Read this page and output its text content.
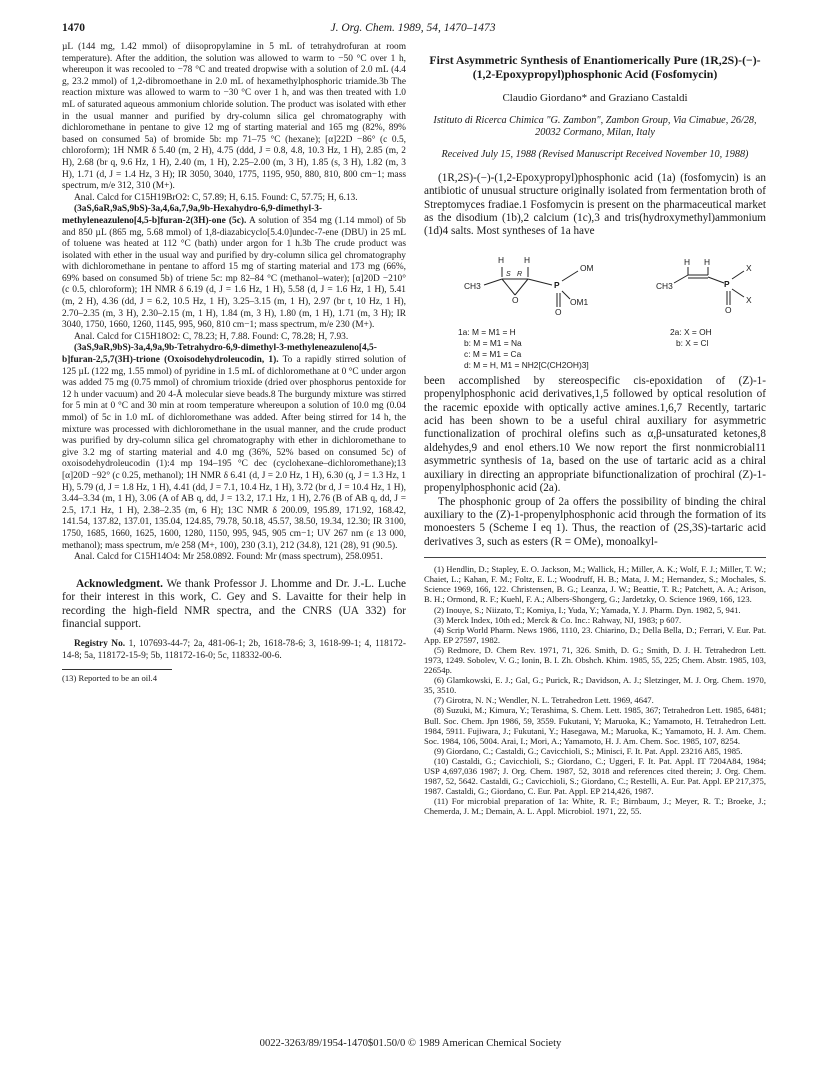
1470	J. Org. Chem. 1989, 54, 1470–1473

µL (144 mg, 1.42 mmol) of diisopropylamine in 5 mL of tetrahydrofuran at room temperature). After the addition, the solution was allowed to warm to −50 °C over 1 h, whereupon it was recooled to −78 °C and treated dropwise with a solution of 2.0 mL (4.4 g, 23.2 mmol) of 1,2-dibromoethane in 2.0 mL of hexamethylphosphoric triamide.3b The reaction mixture was allowed to warm to −30 °C over 1 h, and was then treated with 1.0 mL of saturated aqueous ammonium chloride solution. The product was isolated with ether in the usual manner and purified by dry-column silica gel chromatography with dichloromethane in pentane to give 12 mg of starting material and 165 mg (82%, 89% based on consumed 5a) of bromide 5b: mp 71–75 °C (hexane); [α]22D −86° (c 0.5, chloroform); 1H NMR δ 5.40 (m, 2 H), 4.75 (ddd, J = 0.8, 4.8, 10.3 Hz, 1 H), 2.85 (m, 2 H), 2.68 (br q, 9.6 Hz, 1 H), 2.40 (m, 1 H), 2.25–2.00 (m, 3 H), 1.85 (s, 3 H), 1.82 (m, 3 H), 1.71 (d, J = 1.4 Hz, 3 H); IR 3050, 3040, 1775, 1195, 950, 880, 810, 800 cm−1; mass spectrum, m/e 312, 310 (M+).

Anal. Calcd for C15H19BrO2: C, 57.89; H, 6.15. Found: C, 57.75; H, 6.13.

(3aS,6aR,9aS,9bS)-3a,4,6a,7,9a,9b-Hexahydro-6,9-dimethyl-3-methyleneazuleno[4,5-b]furan-2(3H)-one (5c). A solution of 354 mg (1.14 mmol) of 5b and 850 µL (865 mg, 5.68 mmol) of 1,8-diazabicyclo[5.4.0]undec-7-ene (DBU) in 25 mL of toluene was heated at 112 °C (bath) under argon for 1 h.3b The crude product was isolated with ether in the usual way and purified by dry-column silica gel chromatography with dichloromethane in pentane to afford 15 mg of starting material and 173 mg (66%, 69% based on consumed 5b) of triene 5c: mp 82–84 °C (methanol–water); [α]20D −210° (c 0.5, chloroform); 1H NMR δ 6.19 (d, J = 1.6 Hz, 1 H), 5.58 (d, J = 1.6 Hz, 1 H), 5.41 (m, 2 H), 4.36 (dd, J = 6.2, 10.5 Hz, 1 H), 3.25–3.15 (m, 1 H), 2.97 (br t, 10 Hz, 1 H), 2.70–2.35 (m, 3 H), 2.30–2.15 (m, 1 H), 1.84 (m, 3 H), 1.80 (m, 1 H), 1.71 (m, 3 H); IR 3040, 1750, 1660, 1260, 1145, 995, 960, 810 cm−1; mass spectrum, m/e 230 (M+).

Anal. Calcd for C15H18O2: C, 78.23; H, 7.88. Found: C, 78.28; H, 7.93.

(3aS,9aR,9bS)-3a,4,9a,9b-Tetrahydro-6,9-dimethyl-3-methyleneazuleno[4,5-b]furan-2,5,7(3H)-trione (Oxoisodehydroleucodin, 1). To a rapidly stirred solution of 125 µL (122 mg, 1.55 mmol) of pyridine in 1.5 mL of dichloromethane at 0 °C under argon was added 75 mg (0.75 mmol) of chromium trioxide (dried over phosphorus pentoxide for 12 h under vacuum) and 20 4-Å molecular sieve beads.8 The burgundy mixture was stirred for 5 min at 0 °C and 30 min at room temperature whereupon a solution of 10.0 mg (0.04 mmol) of 5c in 1.0 mL of dichloromethane was added. After being stirred for 14 h, the mixture was processed with dichloromethane in the usual manner, and the crude product was purified by dry-column silica gel chromatography with ether in dichloromethane to give 3.2 mg of starting material and 4.0 mg (36%, 52% based on consumed 5c) of oxoisodehydroleucodin (1):4 mp 194–195 °C dec (cyclohexane–dichloromethane);13 [α]20D −92° (c 0.25, methanol); 1H NMR δ 6.41 (d, J = 2.0 Hz, 1 H), 6.30 (q, J = 1.3 Hz, 1 H), 5.79 (d, J = 1.8 Hz, 1 H), 4.41 (dd, J = 7.1, 10.4 Hz, 1 H), 3.72 (br d, J = 10.4 Hz, 1 H), 3.44–3.34 (m, 1 H), 3.06 (A of AB q, dd, J = 13.2, 17.1 Hz, 1 H), 2.76 (B of AB q, dd, J = 2.5, 17.1 Hz, 1 H), 2.38–2.35 (m, 6 H); 13C NMR δ 200.09, 195.89, 171.92, 168.42, 141.54, 137.82, 137.01, 135.04, 124.85, 79.78, 50.18, 45.57, 38.50, 19.34, 12.30; IR 3100, 1750, 1685, 1660, 1625, 1600, 1280, 1150, 995, 945, 905 cm−1; UV 267 nm (ε 13 000, methanol); mass spectrum, m/e 258 (M+, 100), 230 (3.1), 212 (34.8), 121 (28), 91 (90.5).

Anal. Calcd for C15H14O4: Mr 258.0892. Found: Mr (mass spectrum), 258.0951.

Acknowledgment. We thank Professor J. Lhomme and Dr. J.-L. Luche for their interest in this work, C. Gey and S. Lavaitte for their help in recording the high-field NMR spectra, and the CNRS (UA 332) for financial support.

Registry No. 1, 107693-44-7; 2a, 481-06-1; 2b, 1618-78-6; 3, 1618-99-1; 4, 118172-14-8; 5a, 118172-15-9; 5b, 118172-16-0; 5c, 118332-00-6.

(13) Reported to be an oil.4

First Asymmetric Synthesis of Enantiomerically Pure (1R,2S)-(−)-(1,2-Epoxypropyl)phosphonic Acid (Fosfomycin)

Claudio Giordano* and Graziano Castaldi

Istituto di Ricerca Chimica "G. Zambon", Zambon Group, Via Cimabue, 26/28, 20032 Cormano, Milan, Italy

Received July 15, 1988 (Revised Manuscript Received November 10, 1988)

(1R,2S)-(−)-(1,2-Epoxypropyl)phosphonic acid (1a) (fosfomycin) is an antibiotic of unusual structure originally isolated from fermentation broth of Streptomyces fradiae.1 Fosfomycin is present on the pharmaceutical market as the disodium (1b),2 calcium (1c),3 and tris(hydroxymethyl)ammonium (1d)4 salts. Most syntheses of 1a have

H H
S R
CH3
O
P
OM
OM1
O
H H
CH3	P
X
X
O
1a: M = M1 = H
b: M = M1 = Na
c: M = M1 = Ca
d: M = H, M1 = NH2[C(CH2OH)3]
2a: X = OH
b: X = Cl

been accomplished by stereospecific cis-epoxidation of (Z)-1-propenylphosphonic acid derivatives,1,5 followed by optical resolution of the racemic epoxide with optically active amines.1,6,7 Recently, tartaric acid has been shown to be a useful chiral auxiliary for asymmetric functionalization of prochiral olefins such as α,β-unsaturated ketones,8 aldehydes,9 and enol ethers.10 We now report the first nonmicrobial11 asymmetric synthesis of 1a, based on the use of tartaric acid as a chiral auxiliary in directing an appropriate bifunctionalization of prochiral (Z)-1-propenylphosphonic acid (2a).

The phosphonic group of 2a offers the possibility of binding the chiral auxiliary to the (Z)-1-propenylphosphonic acid through the formation of its monoesters 5 (Scheme I eq 1). Thus, the reaction of (2S,3S)-tartaric acid derivatives 3, such as esters (R = OMe), monoalkyl-

(1) Hendlin, D.; Stapley, E. O. Jackson, M.; Wallick, H.; Miller, A. K.; Wolf, F. J.; Miller, T. W.; Chaiet, L.; Kahan, F. M.; Foltz, E. L.; Woodruff, H. B.; Mata, J. M.; Hernandez, S.; Mochales, S. Science 1969, 166, 122. Christensen, B. G.; Leanza, J. W.; Beattie, T. R.; Patchett, A. A.; Arison, B. H.; Ormond, R. F.; Kuehl, F. A.; Albers-Shongerg, G.; Jardetzky, O. Science 1969, 166, 123.

(2) Inouye, S.; Niizato, T.; Komiya, I.; Yuda, Y.; Yamada, Y. J. Pharm. Dyn. 1982, 5, 941.

(3) Merck Index, 10th ed.; Merck & Co. Inc.: Rahway, NJ, 1983; p 607.

(4) Scrip World Pharm. News 1986, 1110, 23. Chiarino, D.; Della Bella, D.; Ferrari, V. Eur. Pat. App. EP 27597, 1982.

(5) Redmore, D. Chem Rev. 1971, 71, 326. Smith, D. G.; Smith, D. J. H. Tetrahedron Lett. 1973, 1249. Sobolev, V. G.; Ionin, B. I. Zh. Obshch. Khim. 1985, 55, 225; Chem. Abstr. 1985, 103, 22654p.

(6) Glamkowski, E. J.; Gal, G.; Purick, R.; Davidson, A. J.; Sletzinger, M. J. Org. Chem. 1970, 35, 3510.

(7) Girotra, N. N.; Wendler, N. L. Tetrahedron Lett. 1969, 4647.

(8) Suzuki, M.; Kimura, Y.; Terashima, S. Chem. Lett. 1985, 367; Tetrahedron Lett. 1985, 6481; Bull. Soc. Chem. Jpn 1986, 59, 3559. Fukutani, Y; Maruoka, K.; Yamamoto, H. Tetrahedron Lett. 1984, 5911. Fujiwara, J.; Fukutani, Y.; Hasegawa, M.; Maruoka, K.; Yamamoto, H. J. Am. Chem. Soc. 1984, 106, 5004. Arai, I.; Mori, A.; Yamamoto, H. J. Am. Chem. Soc. 1985, 107, 8254.

(9) Giordano, C.; Castaldi, G.; Cavicchioli, S.; Minisci, F. It. Pat. Appl. 23216 A85, 1985.

(10) Castaldi, G.; Cavicchioli, S.; Giordano, C.; Uggeri, F. It. Pat. Appl. IT 7204A84, 1984; USP 4,697,036 1987; J. Org. Chem. 1987, 52, 3018 and references cited therein; J. Org. Chem. 1987, 52, 5642. Castaldi, G.; Cavicchioli, S.; Giordano, C.; Restelli, A. Eur. Pat. Appl. EP 217,375, 1987. Castaldi, G.; Giordano, C. Eur. Pat. Appl. EP 214,426, 1987.

(11) For microbial preparation of 1a: White, R. F.; Birnbaum, J.; Meyer, R. T.; Broeke, J.; Chemerda, J. M.; Demain, A. L. Appl. Microbiol. 1971, 22, 55.

0022-3263/89/1954-1470$01.50/0 © 1989 American Chemical Society
